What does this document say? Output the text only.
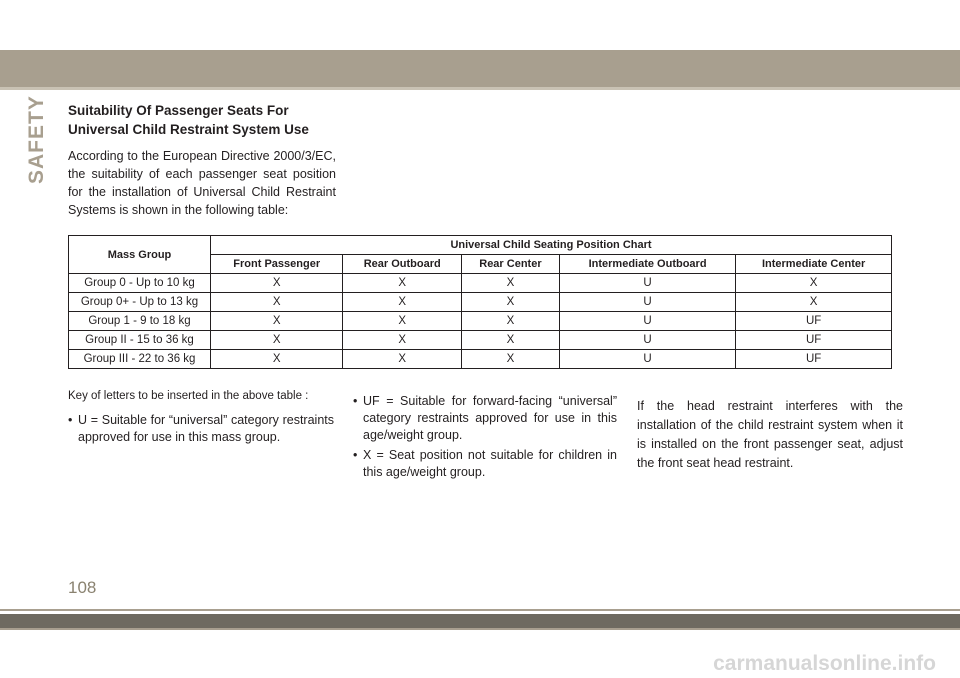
SAFETY Suitability Of Passenger Seats For Universal Child Restraint System Use
According to the European Directive 2000/3/EC, the suitability of each passenger seat position for the installation of Universal Child Restraint Systems is shown in the following table:
Mass Group	Universal Child Seating Position Chart				
	Front Passenger	Rear Outboard	Rear Center	Intermediate Outboard	Intermediate Center
Group 0 - Up to 10 kg	X	X	X	U	X
Group 0+ - Up to 13 kg	X	X	X	U	X
Group 1 - 9 to 18 kg	X	X	X	U	UF
Group II - 15 to 36 kg	X	X	X	U	UF
Group III - 22 to 36 kg	X	X	X	U	UF
Key of letters to be inserted in the above table :
• U = Suitable for “universal” category restraints approved for use in this mass group.
• UF = Suitable for forward-facing “universal” category restraints approved for use in this age/weight group.
• X = Seat position not suitable for children in this age/weight group.
If the head restraint interferes with the installation of the child restraint system when it is installed on the front passenger seat, adjust the front seat head restraint.
108
carmanualsonline.info
